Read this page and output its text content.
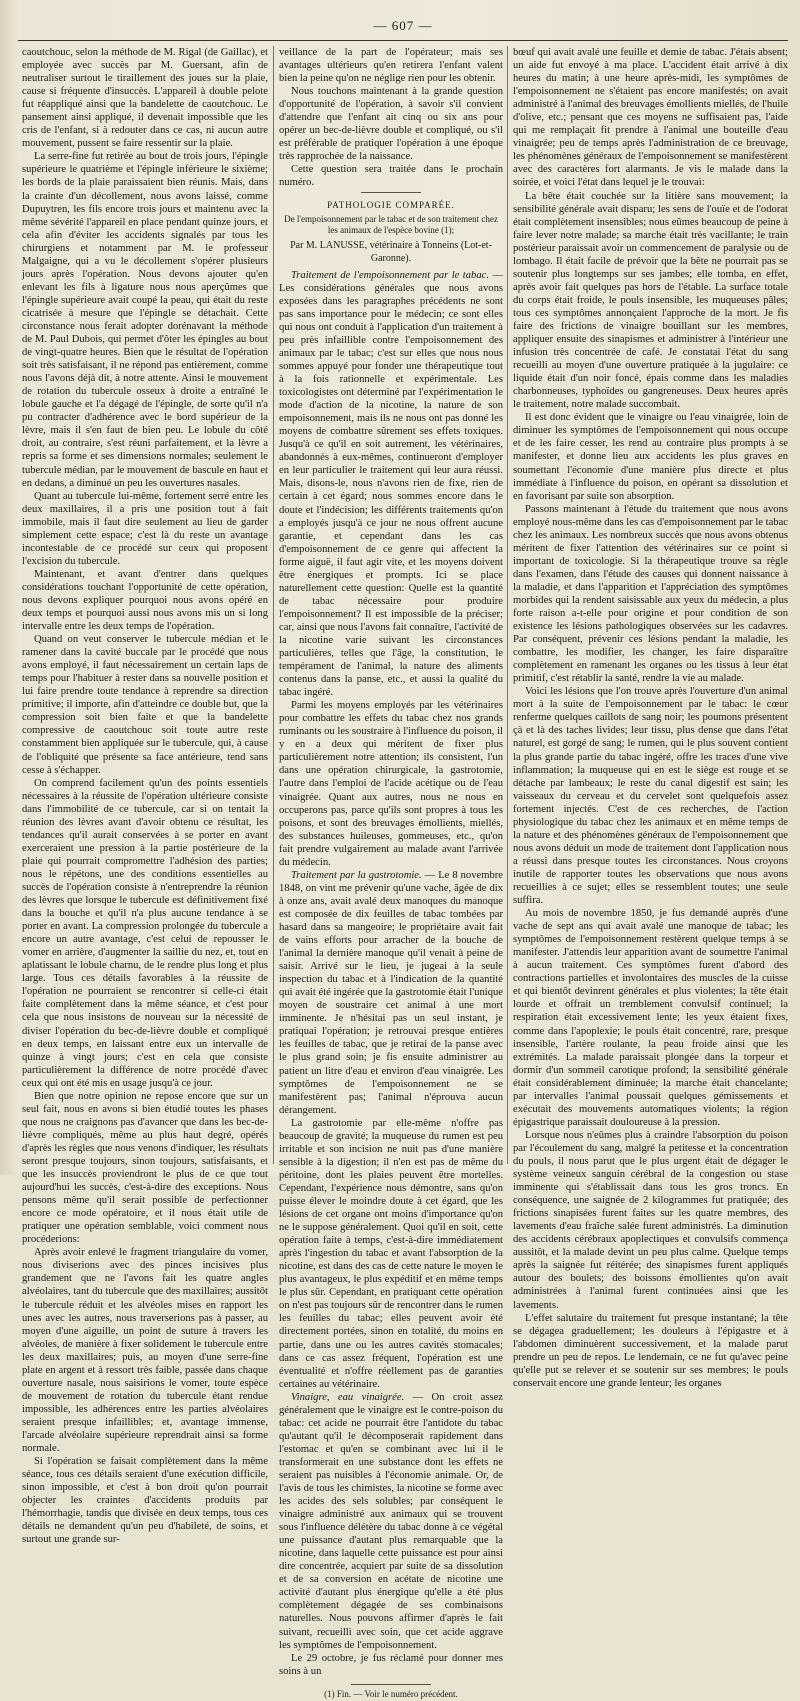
— 607 —

caoutchouc, selon la méthode de M. Rigal (de Gaillac), et employée avec succès par M. Guersant, afin de neutraliser surtout le tiraillement des joues sur la plaie, cause si fréquente d'insuccès. L'appareil à double pelote fut réappliqué ainsi que la bandelette de caoutchouc. Le pansement ainsi appliqué, il devenait impossible que les cris de l'enfant, si à redouter dans ce cas, ni aucun autre mouvement, pussent se faire ressentir sur la plaie.

La serre-fine fut retirée au bout de trois jours, l'épingle supérieure le quatrième et l'épingle inférieure le sixième; les bords de la plaie paraissaient bien réunis. Mais, dans la crainte d'un décollement, nous avons laissé, comme Dupuytren, les fils encore trois jours et maintenu avec la même sévérité l'appareil en place pendant quinze jours, et cela afin d'éviter les accidents signalés par tous les chirurgiens et notamment par M. le professeur Malgaigne, qui a vu le décollement s'opérer plusieurs jours après l'opération. Nous devons ajouter qu'en enlevant les fils à ligature nous nous aperçûmes que l'épingle supérieure avait coupé la peau, qui était du reste cicatrisée à mesure que l'épingle se détachait. Cette circonstance nous ferait adopter dorénavant la méthode de M. Paul Dubois, qui permet d'ôter les épingles au bout de vingt-quatre heures. Bien que le résultat de l'opération soit très satisfaisant, il ne répond pas entièrement, comme nous l'avons déjà dit, à notre attente. Ainsi le mouvement de rotation du tubercule osseux à droite a entraîné le lobule gauche et l'a dégagé de l'épingle, de sorte qu'il n'a pu contracter d'adhérence avec le bord supérieur de la lèvre, mais il s'en faut de bien peu. Le lobule du côté droit, au contraire, s'est réuni parfaitement, et la lèvre a repris sa forme et ses dimensions normales; seulement le tubercule médian, par le mouvement de bascule en haut et en dedans, a diminué un peu les ouvertures nasales.

Quant au tubercule lui-même, fortement serré entre les deux maxillaires, il a pris une position tout à fait immobile, mais il faut dire seulement au lieu de garder simplement cette espace; c'est là du reste un avantage incontestable de ce procédé sur ceux qui proposent l'excision du tubercule.

Maintenant, et avant d'entrer dans quelques considérations touchant l'opportunité de cette opération, nous devons expliquer pourquoi nous avons opéré en deux temps et pourquoi aussi nous avons mis un si long intervalle entre les deux temps de l'opération.

Quand on veut conserver le tubercule médian et le ramener dans la cavité buccale par le procédé que nous avons employé, il faut nécessairement un certain laps de temps pour l'habituer à rester dans sa nouvelle position et lui faire prendre toute tendance à reprendre sa direction primitive; il importe, afin d'atteindre ce double but, que la compression soit bien faite et que la bandelette compressive de caoutchouc soit toute autre reste constamment bien appliquée sur le tubercule, qui, à cause de l'obliquité que présente sa face antérieure, tend sans cesse à s'échapper.

On comprend facilement qu'un des points essentiels nécessaires à la réussite de l'opération ultérieure consiste dans l'immobilité de ce tubercule, car si on tentait la réunion des lèvres avant d'avoir obtenu ce résultat, les tendances qu'il aurait conservées à se porter en avant exerceraient une pression à la partie postérieure de la plaie qui pourrait compromettre l'adhésion des parties; nous le répétons, une des conditions essentielles au succès de l'opération consiste à n'entreprendre la réunion des lèvres que lorsque le tubercule est définitivement fixé dans la bouche et qu'il n'a plus aucune tendance à se porter en avant. La compression prolongée du tubercule a encore un autre avantage, c'est celui de repousser le vomer en arrière, d'augmenter la saillie du nez, et, tout en aplatissant le lobule charnu, de le rendre plus long et plus large. Tous ces détails favorables à la réussite de l'opération ne pourraient se rencontrer si celle-ci était faite complètement dans la même séance, et c'est pour cela que nous insistons de nouveau sur la nécessité de diviser l'opération du bec-de-lièvre double et compliqué en deux temps, en laissant entre eux un intervalle de quinze à vingt jours; c'est en cela que consiste particulièrement la différence de notre procédé d'avec ceux qui ont été mis en usage jusqu'à ce jour.

Bien que notre opinion ne repose encore que sur un seul fait, nous en avons si bien étudié toutes les phases que nous ne craignons pas d'avancer que dans les bec-de-lièvre compliqués, même au plus haut degré, opérés d'après les règles que nous venons d'indiquer, les résultats seront presque toujours, sinon toujours, satisfaisants, et que les insuccès proviendront le plus de ce que tout aujourd'hui les succès, c'est-à-dire des exceptions. Nous pensons même qu'il serait possible de perfectionner encore ce mode opératoire, et il nous était utile de pratiquer une opération semblable, voici comment nous procéderions:

Après avoir enlevé le fragment triangulaire du vomer, nous diviserions avec des pinces incisives plus grandement que ne l'avons fait les quatre angles alvéolaires, tant du tubercule que des maxillaires; aussitôt le tubercule réduit et les alvéoles mises en rapport les unes avec les autres, nous traverserions pas à passer, au moyen d'une aiguille, un point de suture à travers les alvéoles, de manière à fixer solidement le tubercule entre les deux maxillaires; puis, au moyen d'une serre-fine plate en argent et à ressort très faible, passée dans chaque ouverture nasale, nous saisirions le vomer, toute espèce de mouvement de rotation du tubercule étant rendue impossible, les adhérences entre les parties alvéolaires seraient presque infaillibles; et, avantage immense, l'arcade alvéolaire supérieure reprendrait ainsi sa forme normale.

Si l'opération se faisait complètement dans la même séance, tous ces détails seraient d'une exécution difficile, sinon impossible, et c'est à bon droit qu'on pourrait objecter les craintes d'accidents produits par l'hémorrhagie, tandis que divisée en deux temps, tous ces détails ne demandent qu'un peu d'habileté, de soins, et surtout une grande sur-

veillance de la part de l'opérateur; mais ses avantages ultérieurs qu'en retirera l'enfant valent bien la peine qu'on ne néglige rien pour les obtenir.

Nous touchons maintenant à la grande question d'opportunité de l'opération, à savoir s'il convient d'attendre que l'enfant ait cinq ou six ans pour opérer un bec-de-lièvre double et compliqué, ou s'il est préférable de pratiquer l'opération à une époque très rapprochée de la naissance.

Cette question sera traitée dans le prochain numéro.

PATHOLOGIE COMPARÉE.
De l'empoisonnement par le tabac et de son traitement chez les animaux de l'espèce bovine (1);
Par M. LANUSSE, vétérinaire à Tonneins (Lot-et-Garonne).

Traitement de l'empoisonnement par le tabac. — Les considérations générales que nous avons exposées dans les paragraphes précédents ne sont pas sans importance pour le médecin; ce sont elles qui nous ont conduit à l'application d'un traitement à peu près infaillible contre l'empoisonnement des animaux par le tabac; c'est sur elles que nous nous sommes appuyé pour fonder une thérapeutique tout à la fois rationnelle et expérimentale. Les toxicologistes ont déterminé par l'expérimentation le mode d'action de la nicotine, la nature de son empoisonnement, mais ils ne nous ont pas donné les moyens de combattre sûrement ses effets toxiques. Jusqu'à ce qu'il en soit autrement, les vétérinaires, abandonnés à eux-mêmes, continueront d'employer en leur particulier le traitement qui leur aura réussi. Mais, disons-le, nous n'avons rien de fixe, rien de certain à cet égard; nous sommes encore dans le doute et l'indécision; les différents traitements qu'on a employés jusqu'à ce jour ne nous offrent aucune garantie, et cependant dans les cas d'empoisonnement de ce genre qui affectent la forme aiguë, il faut agir vite, et les moyens doivent être énergiques et prompts. Ici se place naturellement cette question: Quelle est la quantité de tabac nécessaire pour produire l'empoisonnement? Il est impossible de la préciser; car, ainsi que nous l'avons fait connaître, l'activité de la nicotine varie suivant les circonstances particulières, telles que l'âge, la constitution, le tempérament de l'animal, la nature des aliments contenus dans la panse, etc., et aussi la qualité du tabac ingéré.

Parmi les moyens employés par les vétérinaires pour combattre les effets du tabac chez nos grands ruminants ou les soustraire à l'influence du poison, il y en a deux qui méritent de fixer plus particulièrement notre attention; ils consistent, l'un dans une opération chirurgicale, la gastrotomie, l'autre dans l'emploi de l'acide acétique ou de l'eau vinaigrée. Quant aux autres, nous ne nous en occuperons pas, parce qu'ils sont propres à tous les poisons, et sont des breuvages émollients, miellés, des substances huileuses, gommeuses, etc., qu'on fait prendre vulgairement au malade avant l'arrivée du médecin.

Traitement par la gastrotomie. — Le 8 novembre 1848, on vint me prévenir qu'une vache, âgée de dix à onze ans, avait avalé deux manoques du manoque est composée de dix feuilles de tabac tombées par hasard dans sa mangeoire; le propriétaire avait fait de vains efforts pour arracher de la bouche de l'animal la dernière manoque qu'il venait à peine de saisir. Arrivé sur le lieu, je jugeai à la seule inspection du tabac et à l'indication de la quantité qui avait été ingérée que la gastrotomie était l'unique moyen de soustraire cet animal à une mort imminente. Je n'hésitai pas un seul instant, je pratiquai l'opération; je retrouvai presque entières les feuilles de tabac, que je retirai de la panse avec le plus grand soin; je fis ensuite administrer au patient un litre d'eau et environ d'eau vinaigrée. Les symptômes de l'empoisonnement ne se manifestèrent pas; l'animal n'éprouva aucun dérangement.

La gastrotomie par elle-même n'offre pas beaucoup de gravité; la muqueuse du rumen est peu irritable et son incision ne nuit pas d'une manière sensible à la digestion; il n'en est pas de même du péritoine, dont les plaies peuvent être mortelles. Cependant, l'expérience nous démontre, sans qu'on puisse élever le moindre doute à cet égard, que les lésions de cet organe ont moins d'importance qu'on ne le suppose généralement. Quoi qu'il en soit, cette opération faite à temps, c'est-à-dire immédiatement après l'ingestion du tabac et avant l'absorption de la nicotine, est dans des cas de cette nature le moyen le plus avantageux, le plus expéditif et en même temps le plus sûr. Cependant, en pratiquant cette opération on n'est pas toujours sûr de rencontrer dans le rumen les feuilles du tabac; elles peuvent avoir été directement portées, sinon en totalité, du moins en partie, dans une ou les autres cavités stomacales; dans ce cas assez fréquent, l'opération est une éventualité et n'offre réellement pas de garanties certaines au vétérinaire.

Vinaigre, eau vinaigrée. — On croit assez généralement que le vinaigre est le contre-poison du tabac: cet acide ne pourrait être l'antidote du tabac qu'autant qu'il le décomposerait rapidement dans l'estomac et qu'en se combinant avec lui il le transformerait en une substance dont les effets ne seraient pas nuisibles à l'économie animale. Or, de l'avis de tous les chimistes, la nicotine se forme avec les acides des sels solubles; par conséquent le vinaigre administré aux animaux qui se trouvent sous l'influence délétère du tabac donne à ce végétal une puissance d'autant plus remarquable que la nicotine, dans laquelle cette puissance est pour ainsi dire concentrée, acquiert par suite de sa dissolution et de sa conversion en acétate de nicotine une activité d'autant plus énergique qu'elle a été plus complètement dégagée de ses combinaisons naturelles. Nous pouvons affirmer d'après le fait suivant, recueilli avec soin, que cet acide aggrave les symptômes de l'empoisonnement.

Le 29 octobre, je fus réclamé pour donner mes soins à un

(1) Fin. — Voir le numéro précédent.

bœuf qui avait avalé une feuille et demie de tabac. J'étais absent; un aide fut envoyé à ma place. L'accident était arrivé à dix heures du matin; à une heure après-midi, les symptômes de l'empoisonnement ne s'étaient pas encore manifestés; on avait administré à l'animal des breuvages émollients miellés, de l'huile d'olive, etc.; pensant que ces moyens ne suffisaient pas, l'aide qui me remplaçait fit prendre à l'animal une bouteille d'eau vinaigrée; peu de temps après l'administration de ce breuvage, les phénomènes généraux de l'empoisonnement se manifestèrent avec des caractères fort alarmants. Je vis le malade dans la soirée, et voici l'état dans lequel je le trouvai:

La bête était couchée sur la litière sans mouvement; la sensibilité générale avait disparu; les sens de l'ouïe et de l'odorat était complètement insensibles; nous eûmes beaucoup de peine à faire lever notre malade; sa marche était très vacillante; le train postérieur paraissait avoir un commencement de paralysie ou de lombago. Il était facile de prévoir que la bête ne pourrait pas se soutenir plus longtemps sur ses jambes; elle tomba, en effet, après avoir fait quelques pas hors de l'étable. La surface totale du corps était froide, le pouls insensible, les muqueuses pâles; tous ces symptômes annonçaient l'approche de la mort. Je fis faire des frictions de vinaigre bouillant sur les membres, appliquer ensuite des sinapismes et administrer à l'intérieur une infusion très concentrée de café. Je constatai l'état du sang recueilli au moyen d'une ouverture pratiquée à la jugulaire: ce liquide était d'un noir foncé, épais comme dans les maladies charbonneuses, typhoïdes ou gangreneuses. Deux heures après le traitement, notre malade succombait.

Il est donc évident que le vinaigre ou l'eau vinaigrée, loin de diminuer les symptômes de l'empoisonnement qui nous occupe et de les faire cesser, les rend au contraire plus prompts à se manifester, et donne lieu aux accidents les plus graves en soumettant l'économie d'une manière plus directe et plus immédiate à l'influence du poison, en opérant sa dissolution et en favorisant par suite son absorption.

Passons maintenant à l'étude du traitement que nous avons employé nous-même dans les cas d'empoisonnement par le tabac chez les animaux. Les nombreux succès que nous avons obtenus méritent de fixer l'attention des vétérinaires sur ce point si important de toxicologie. Si la thérapeutique trouve sa règle dans l'examen, dans l'étude des causes qui donnent naissance à la maladie, et dans l'apparition et l'appréciation des symptômes morbides qui la rendent saisissable aux yeux du médecin, a plus forte raison a-t-elle pour origine et pour condition de son existence les lésions pathologiques observées sur les cadavres. Par conséquent, prévenir ces lésions pendant la maladie, les combattre, les modifier, les changer, les faire disparaître complètement en ramenant les organes ou les tissus à leur état primitif, c'est rétablir la santé, rendre la vie au malade.

Voici les lésions que l'on trouve après l'ouverture d'un animal mort à la suite de l'empoisonnement par le tabac: le cœur renferme quelques caillots de sang noir; les poumons présentent çà et là des taches livides; leur tissu, plus dense que dans l'état naturel, est gorgé de sang; le rumen, qui le plus souvent contient la plus grande partie du tabac ingéré, offre les traces d'une vive inflammation; la muqueuse qui en est le siège est rouge et se détache par lambeaux; le reste du canal digestif est sain; les vaisseaux du cerveau et du cervelet sont quelquefois assez fortement injectés. C'est de ces recherches, de l'action physiologique du tabac chez les animaux et en même temps de la nature et des phénomènes généraux de l'empoisonnement que nous avons déduit un mode de traitement dont l'application nous a réussi dans presque toutes les circonstances. Nous croyons inutile de rapporter toutes les observations que nous avons recueillies à ce sujet; elles se ressemblent toutes; une seule suffira.

Au mois de novembre 1850, je fus demandé auprès d'une vache de sept ans qui avait avalé une manoque de tabac; les symptômes de l'empoisonnement restèrent quelque temps à se manifester. J'attendis leur apparition avant de soumettre l'animal à aucun traitement. Ces symptômes furent d'abord des contractions partielles et involontaires des muscles de la cuisse et qui bientôt devinrent générales et plus violentes; la tête était lourde et offrait un tremblement convulsif continuel; la respiration était excessivement lente; les yeux étaient fixes, comme dans l'apoplexie; le pouls était concentré, rare, presque insensible, l'artère roulante, la peau froide ainsi que les extrémités. La malade paraissait plongée dans la torpeur et dormir d'un sommeil carotique profond; la sensibilité générale était considérablement diminuée; la marche était chancelante; par intervalles l'animal poussait quelques gémissements et exécutait des mouvements automatiques violents; la région épigastrique paraissait douloureuse à la pression.

Lorsque nous n'eûmes plus à craindre l'absorption du poison par l'écoulement du sang, malgré la petitesse et la concentration du pouls, il nous parut que le plus urgent était de dégager le système veineux sanguin cérébral de la congestion ou stase imminente qui s'établissait dans tous les gros troncs. En conséquence, une saignée de 2 kilogrammes fut pratiquée; des frictions sinapisées furent faites sur les quatre membres, des lavements d'eau fraîche salée furent administrés. La diminution des accidents cérébraux apoplectiques et convulsifs commença aussitôt, et la malade devint un peu plus calme. Quelque temps après la saignée fut réitérée; des sinapismes furent appliqués autour des boulets; des boissons émollientes qu'on avait administrées à l'animal furent continuées ainsi que les lavements.

L'effet salutaire du traitement fut presque instantané; la tête se dégagea graduellement; les douleurs à l'épigastre et à l'abdomen diminuèrent successivement, et la malade parut prendre un peu de repos. Le lendemain, ce ne fut qu'avec peine qu'elle put se relever et se soutenir sur ses membres; le pouls conservait encore une grande lenteur; les organes
